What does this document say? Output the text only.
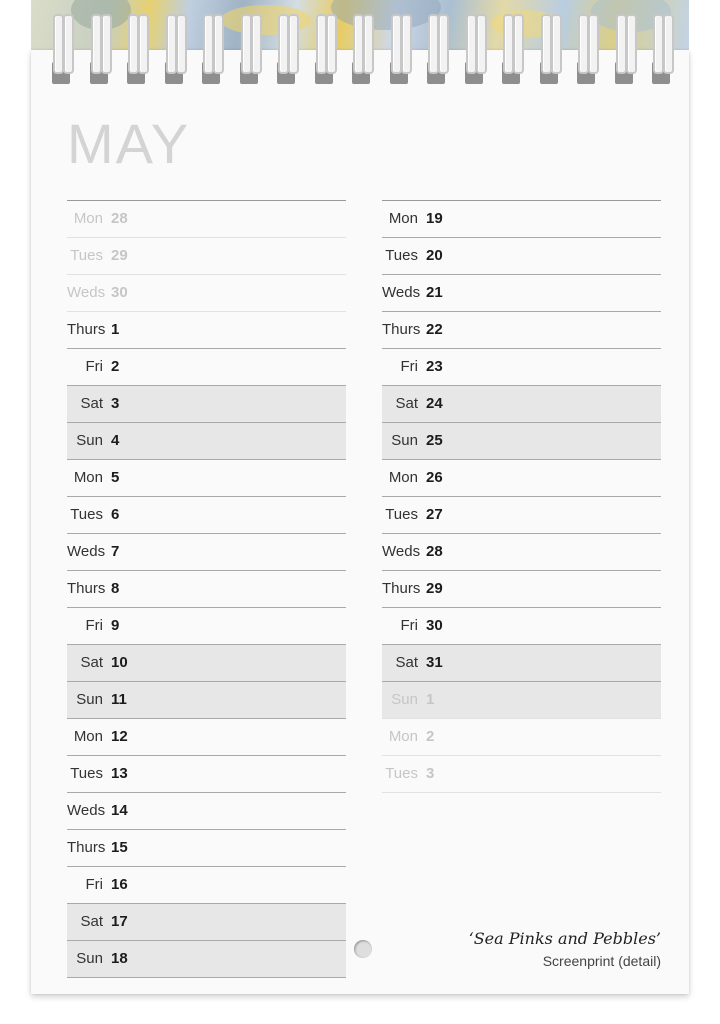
MAY
Mon 28
Tues 29
Weds 30
Thurs 1
Fri 2
Sat 3
Sun 4
Mon 5
Tues 6
Weds 7
Thurs 8
Fri 9
Sat 10
Sun 11
Mon 12
Tues 13
Weds 14
Thurs 15
Fri 16
Sat 17
Sun 18
Mon 19
Tues 20
Weds 21
Thurs 22
Fri 23
Sat 24
Sun 25
Mon 26
Tues 27
Weds 28
Thurs 29
Fri 30
Sat 31
Sun 1
Mon 2
Tues 3
‘Sea Pinks and Pebbles’
Screenprint (detail)
